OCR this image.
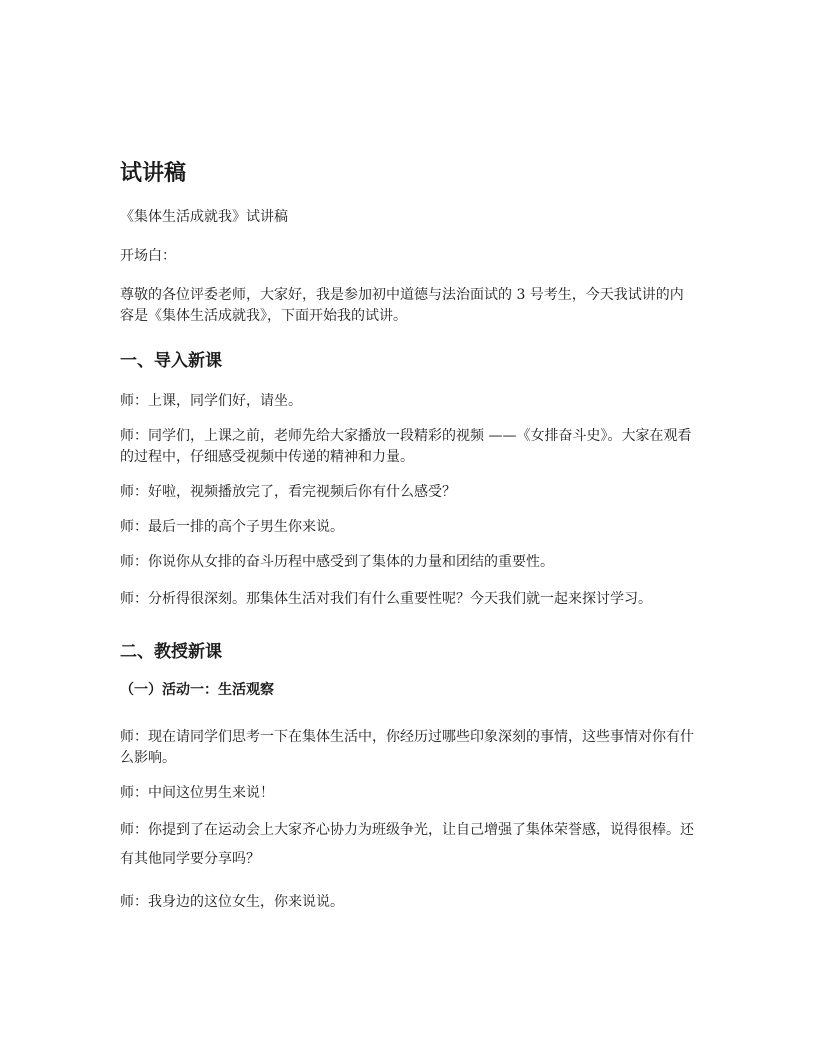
试讲稿

《集体生活成就我》试讲稿

开场白：

尊敬的各位评委老师，大家好，我是参加初中道德与法治面试的 3 号考生，今天我试讲的内容是《集体生活成就我》，下面开始我的试讲。

一、导入新课

师：上课，同学们好，请坐。

师：同学们，上课之前，老师先给大家播放一段精彩的视频 ——《女排奋斗史》。大家在观看的过程中，仔细感受视频中传递的精神和力量。

师：好啦，视频播放完了，看完视频后你有什么感受？

师：最后一排的高个子男生你来说。

师：你说你从女排的奋斗历程中感受到了集体的力量和团结的重要性。

师：分析得很深刻。那集体生活对我们有什么重要性呢？今天我们就一起来探讨学习。

二、教授新课
（一）活动一：生活观察

师：现在请同学们思考一下在集体生活中，你经历过哪些印象深刻的事情，这些事情对你有什么影响。

师：中间这位男生来说！

师：你提到了在运动会上大家齐心协力为班级争光，让自己增强了集体荣誉感，说得很棒。还有其他同学要分享吗？

师：我身边的这位女生，你来说说。
